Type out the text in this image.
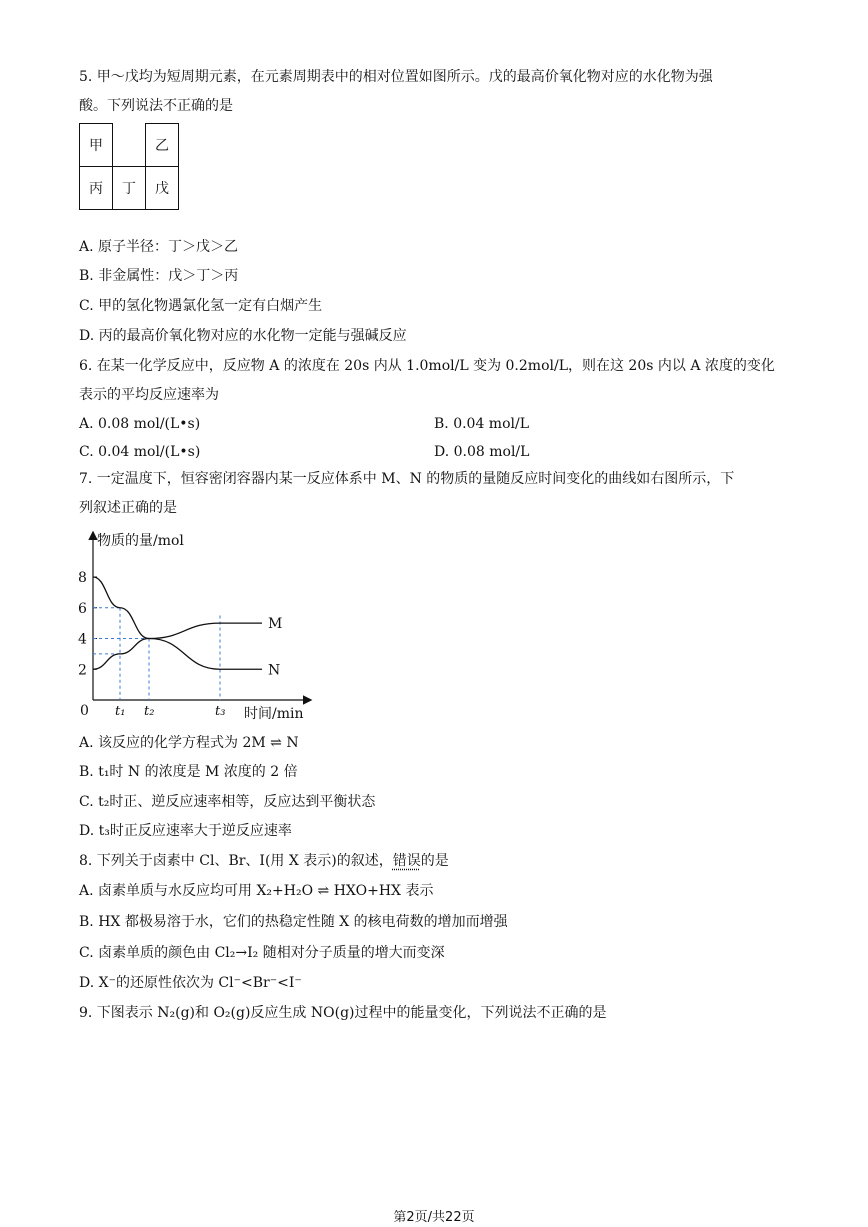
5. 甲～戊均为短周期元素，在元素周期表中的相对位置如图所示。戊的最高价氧化物对应的水化物为强
酸。下列说法不正确的是
甲		乙
丙	丁	戊
A. 原子半径：丁＞戊＞乙
B. 非金属性：戊＞丁＞丙
C. 甲的氢化物遇氯化氢一定有白烟产生
D. 丙的最高价氧化物对应的水化物一定能与强碱反应
6. 在某一化学反应中，反应物 A 的浓度在 20s 内从 1.0mol/L 变为 0.2mol/L，则在这 20s 内以 A 浓度的变化
表示的平均反应速率为
A. 0.08 mol/(L•s)	B. 0.04 mol/L
C. 0.04 mol/(L•s)	D. 0.08 mol/L
7. 一定温度下，恒容密闭容器内某一反应体系中 M、N 的物质的量随反应时间变化的曲线如右图所示，下
列叙述正确的是
物质的量/mol
时间/min
0
2
4
6
8
t₁ t₂	t₃
M
N
A. 该反应的化学方程式为 2M ⇌ N
B. t₁时 N 的浓度是 M 浓度的 2 倍
C. t₂时正、逆反应速率相等，反应达到平衡状态
D. t₃时正反应速率大于逆反应速率
8. 下列关于卤素中 Cl、Br、I(用 X 表示)的叙述，错误的是
A. 卤素单质与水反应均可用 X₂+H₂O ⇌ HXO+HX 表示
B. HX 都极易溶于水，它们的热稳定性随 X 的核电荷数的增加而增强
C. 卤素单质的颜色由 Cl₂→I₂ 随相对分子质量的增大而变深
D. X⁻的还原性依次为 Cl⁻<Br⁻<I⁻
9. 下图表示 N₂(g)和 O₂(g)反应生成 NO(g)过程中的能量变化，下列说法不正确的是
第2页/共22页
